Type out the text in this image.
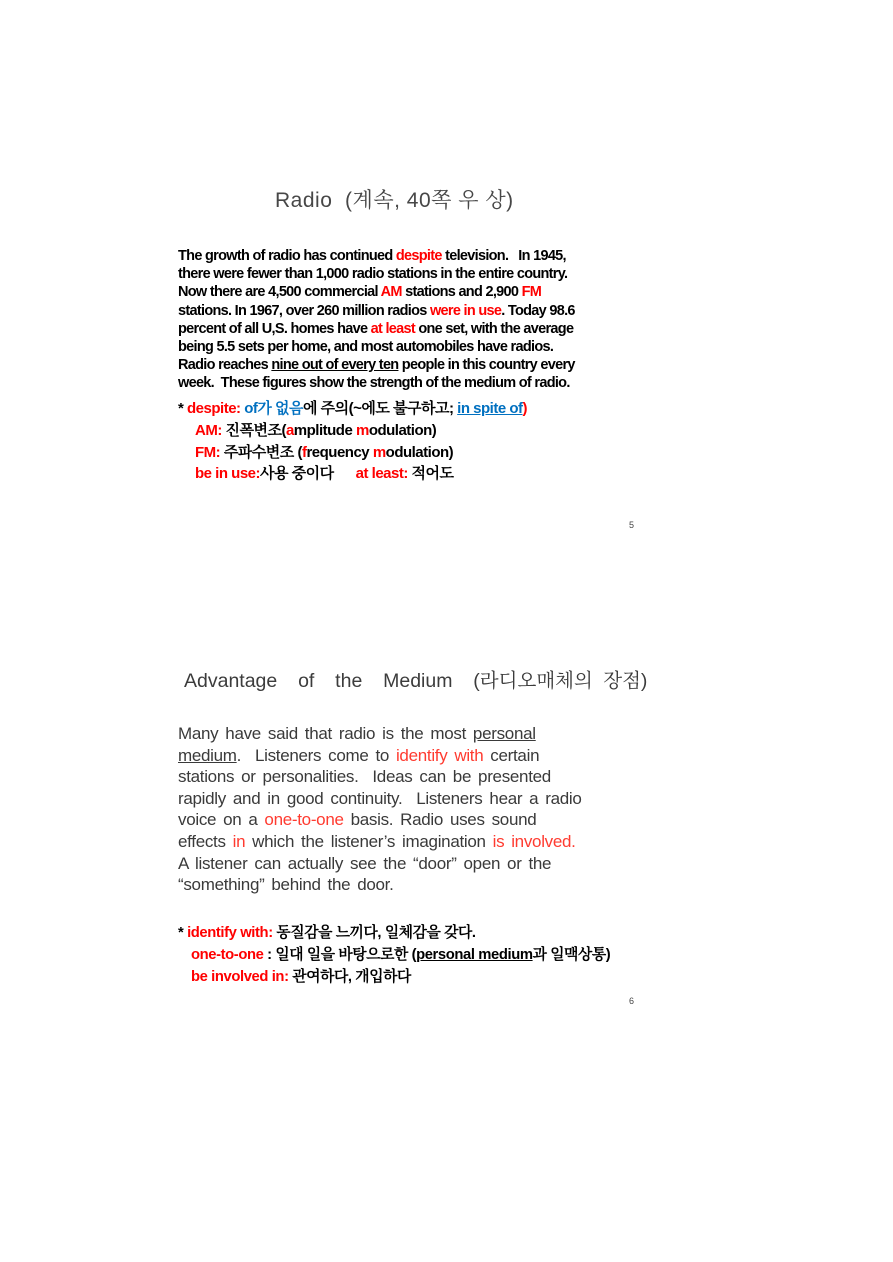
Radio  (계속, 40쪽 우 상)
The growth of radio has continued despite television.   In 1945,
there were fewer than 1,000 radio stations in the entire country.
Now there are 4,500 commercial AM stations and 2,900 FM
stations. In 1967, over 260 million radios were in use. Today 98.6
percent of all U,S. homes have at least one set, with the average
being 5.5 sets per home, and most automobiles have radios.
Radio reaches nine out of every ten people in this country every
week.  These figures show the strength of the medium of radio.
* despite: of가 없음에 주의(~에도 불구하고; in spite of)
AM: 진폭변조(amplitude modulation)
FM: 주파수변조 (frequency modulation)
be in use:사용 중이다      at least: 적어도
5
Advantage  of  the  Medium  (라디오매체의 장점)
Many have said that radio is the most personal
medium.  Listeners come to identify with certain
stations or personalities.  Ideas can be presented
rapidly and in good continuity.  Listeners hear a radio
voice on a one-to-one basis. Radio uses sound
effects in which the listener’s imagination is involved.
A listener can actually see the “door” open or the
“something” behind the door.
* identify with: 동질감을 느끼다, 일체감을 갖다.
one-to-one : 일대 일을 바탕으로한 (personal medium과 일맥상통)
be involved in: 관여하다, 개입하다
6
